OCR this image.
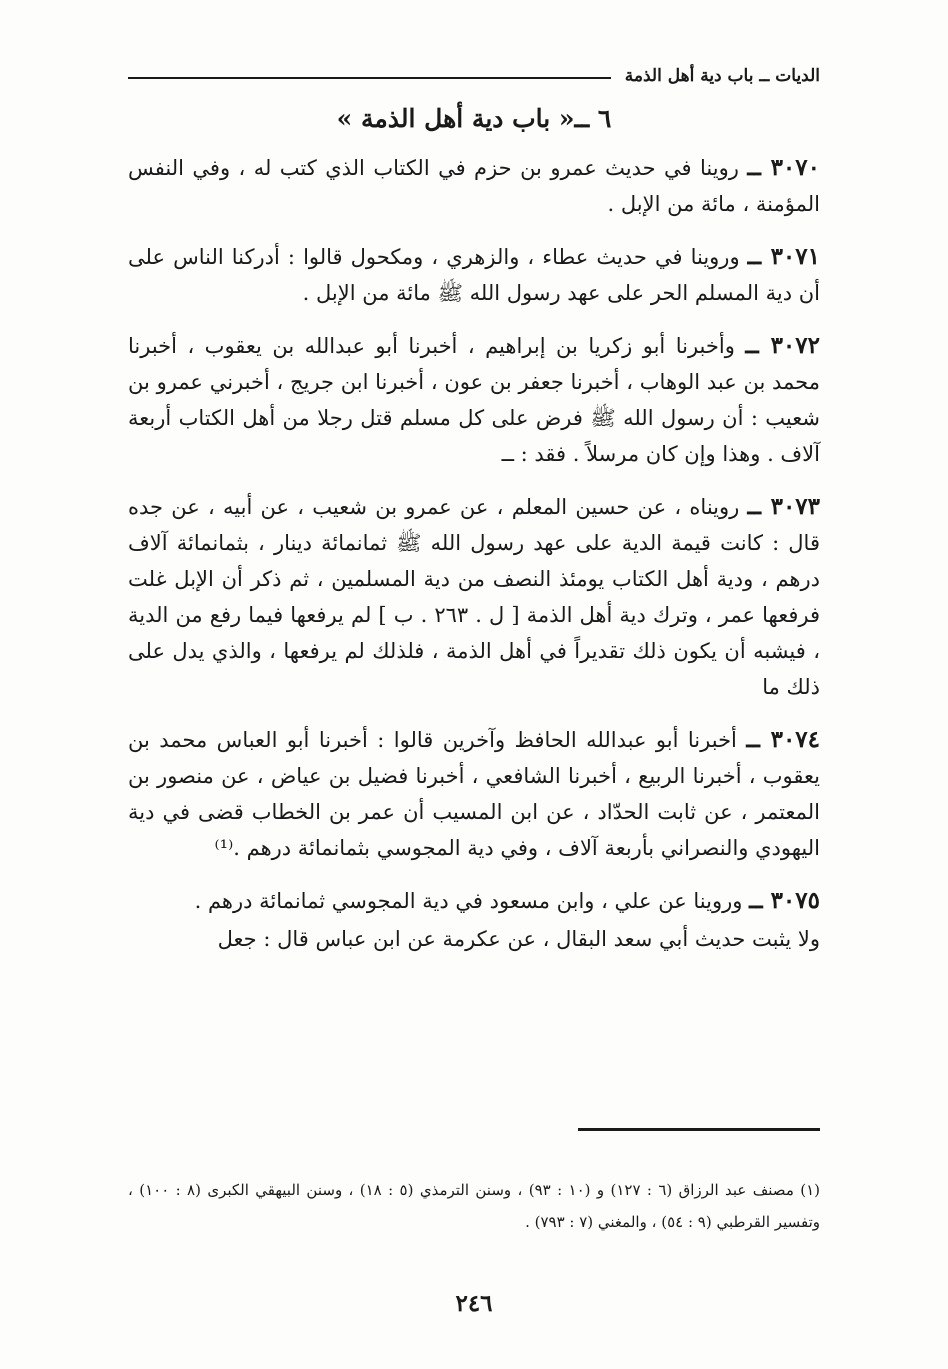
الديات ــ باب دية أهل الذمة
٦ ــ« باب دية أهل الذمة »

٣٠٧٠ ــ روينا في حديث عمرو بن حزم في الكتاب الذي كتب له ، وفي النفس المؤمنة ، مائة من الإبل .

٣٠٧١ ــ وروينا في حديث عطاء ، والزهري ، ومكحول قالوا : أدركنا الناس على أن دية المسلم الحر على عهد رسول الله ﷺ مائة من الإبل .

٣٠٧٢ ــ وأخبرنا أبو زكريا بن إبراهيم ، أخبرنا أبو عبدالله بن يعقوب ، أخبرنا محمد بن عبد الوهاب ، أخبرنا جعفر بن عون ، أخبرنا ابن جريج ، أخبرني عمرو بن شعيب : أن رسول الله ﷺ فرض على كل مسلم قتل رجلا من أهل الكتاب أربعة آلاف . وهذا وإن كان مرسلاً . فقد : ــ

٣٠٧٣ ــ رويناه ، عن حسين المعلم ، عن عمرو بن شعيب ، عن أبيه ، عن جده قال : كانت قيمة الدية على عهد رسول الله ﷺ ثمانمائة دينار ، بثمانمائة آلاف درهم ، ودية أهل الكتاب يومئذ النصف من دية المسلمين ، ثم ذكر أن الإبل غلت فرفعها عمر ، وترك دية أهل الذمة [ ل . ٢٦٣ . ب ] لم يرفعها فيما رفع من الدية ، فيشبه أن يكون ذلك تقديراً في أهل الذمة ، فلذلك لم يرفعها ، والذي يدل على ذلك ما

٣٠٧٤ ــ أخبرنا أبو عبدالله الحافظ وآخرين قالوا : أخبرنا أبو العباس محمد بن يعقوب ، أخبرنا الربيع ، أخبرنا الشافعي ، أخبرنا فضيل بن عياض ، عن منصور بن المعتمر ، عن ثابت الحدّاد ، عن ابن المسيب أن عمر بن الخطاب قضى في دية اليهودي والنصراني بأربعة آلاف ، وفي دية المجوسي بثمانمائة درهم .⁽¹⁾

٣٠٧٥ ــ وروينا عن علي ، وابن مسعود في دية المجوسي ثمانمائة درهم .

ولا يثبت حديث أبي سعد البقال ، عن عكرمة عن ابن عباس قال : جعل

(١) مصنف عبد الرزاق (٦ : ١٢٧) و (١٠ : ٩٣) ، وسنن الترمذي (٥ : ١٨) ، وسنن البيهقي الكبرى (٨ : ١٠٠) ، وتفسير القرطبي (٩ : ٥٤) ، والمغني (٧ : ٧٩٣) .

٢٤٦
